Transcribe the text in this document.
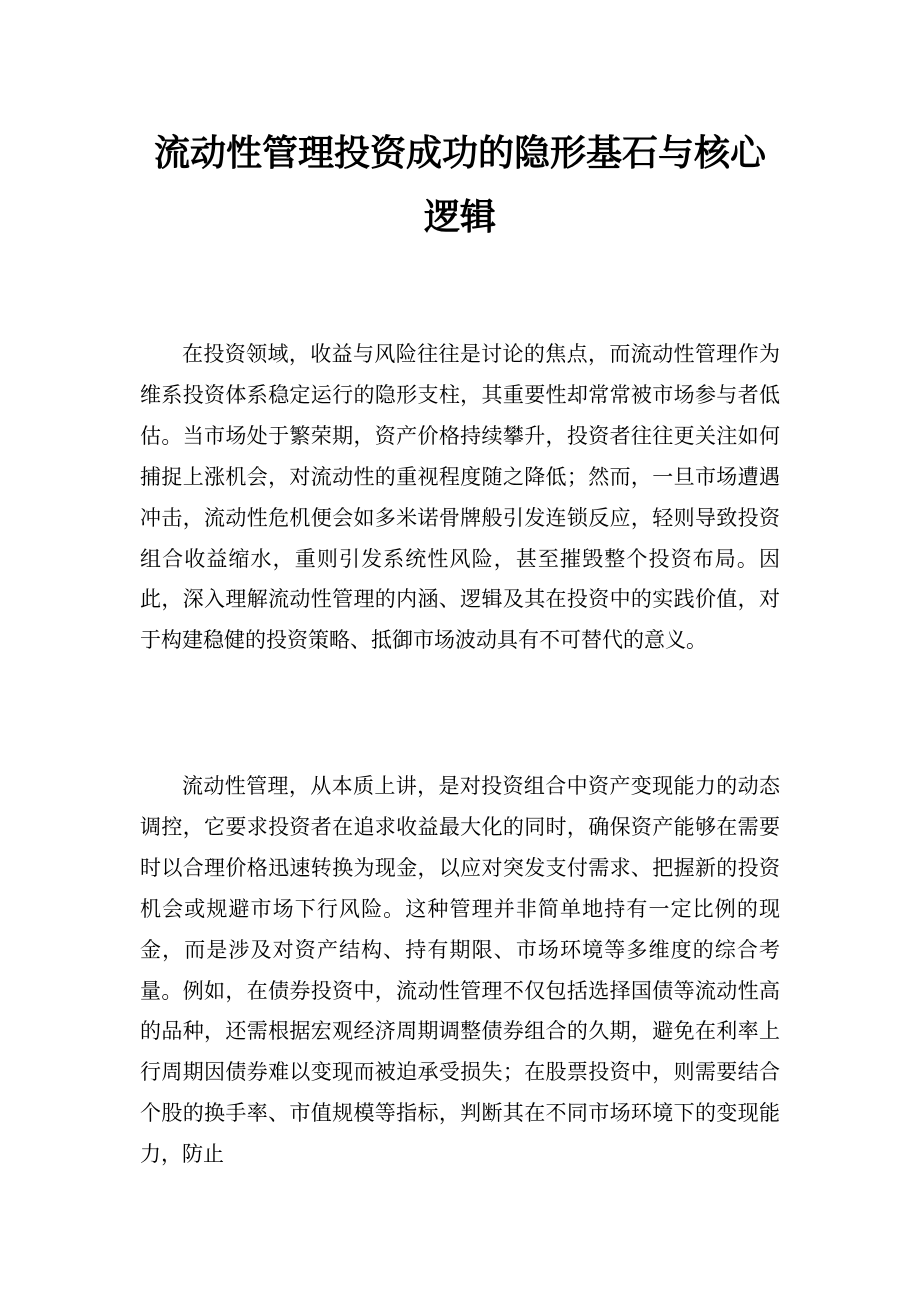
流动性管理投资成功的隐形基石与核心逻辑

在投资领域，收益与风险往往是讨论的焦点，而流动性管理作为维系投资体系稳定运行的隐形支柱，其重要性却常常被市场参与者低估。当市场处于繁荣期，资产价格持续攀升，投资者往往更关注如何捕捉上涨机会，对流动性的重视程度随之降低；然而，一旦市场遭遇冲击，流动性危机便会如多米诺骨牌般引发连锁反应，轻则导致投资组合收益缩水，重则引发系统性风险，甚至摧毁整个投资布局。因此，深入理解流动性管理的内涵、逻辑及其在投资中的实践价值，对于构建稳健的投资策略、抵御市场波动具有不可替代的意义。

流动性管理，从本质上讲，是对投资组合中资产变现能力的动态调控，它要求投资者在追求收益最大化的同时，确保资产能够在需要时以合理价格迅速转换为现金，以应对突发支付需求、把握新的投资机会或规避市场下行风险。这种管理并非简单地持有一定比例的现金，而是涉及对资产结构、持有期限、市场环境等多维度的综合考量。例如，在债券投资中，流动性管理不仅包括选择国债等流动性高的品种，还需根据宏观经济周期调整债券组合的久期，避免在利率上行周期因债券难以变现而被迫承受损失；在股票投资中，则需要结合个股的换手率、市值规模等指标，判断其在不同市场环境下的变现能力，防止
